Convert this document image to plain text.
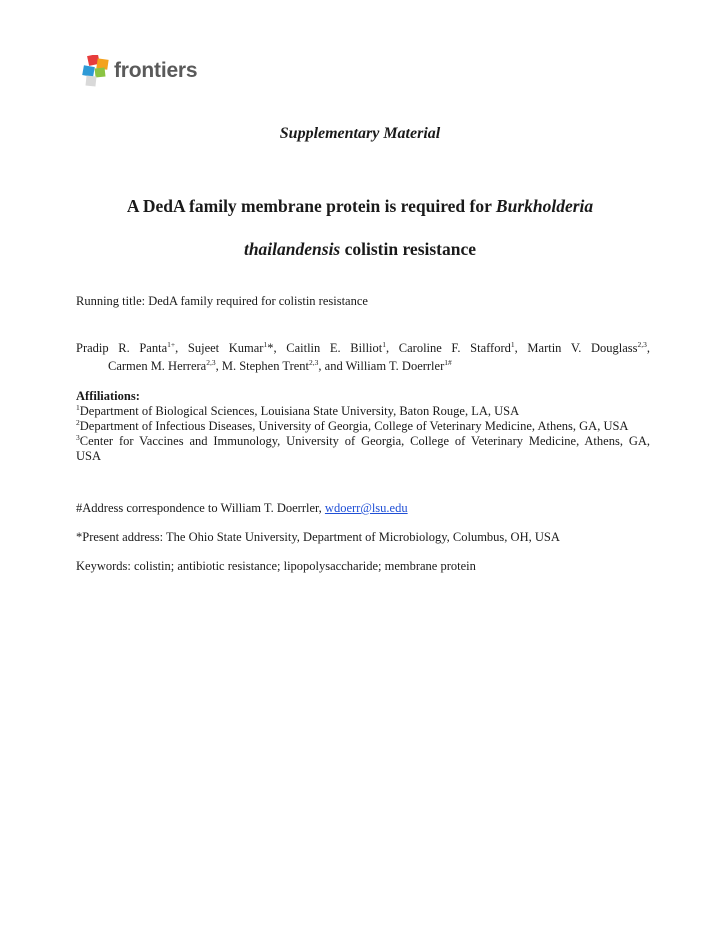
frontiers
Supplementary Material
A DedA family membrane protein is required for Burkholderia
thailandensis colistin resistance
Running title: DedA family required for colistin resistance
Pradip R. Panta$^{1+}$, Sujeet Kumar$^1$*, Caitlin E. Billiot$^1$, Caroline F. Stafford$^1$, Martin V. Douglass$^{2,3}$,
Carmen M. Herrera$^{2,3}$, M. Stephen Trent$^{2,3}$, and William T. Doerrler$^{1\#}$
Affiliations:
$^1$Department of Biological Sciences, Louisiana State University, Baton Rouge, LA, USA
$^2$Department of Infectious Diseases, University of Georgia, College of Veterinary Medicine, Athens, GA, USA
$^3$Center for Vaccines and Immunology, University of Georgia, College of Veterinary Medicine, Athens, GA,
USA
#Address correspondence to William T. Doerrler, wdoerr@lsu.edu
*Present address: The Ohio State University, Department of Microbiology, Columbus, OH, USA
Keywords: colistin; antibiotic resistance; lipopolysaccharide; membrane protein
